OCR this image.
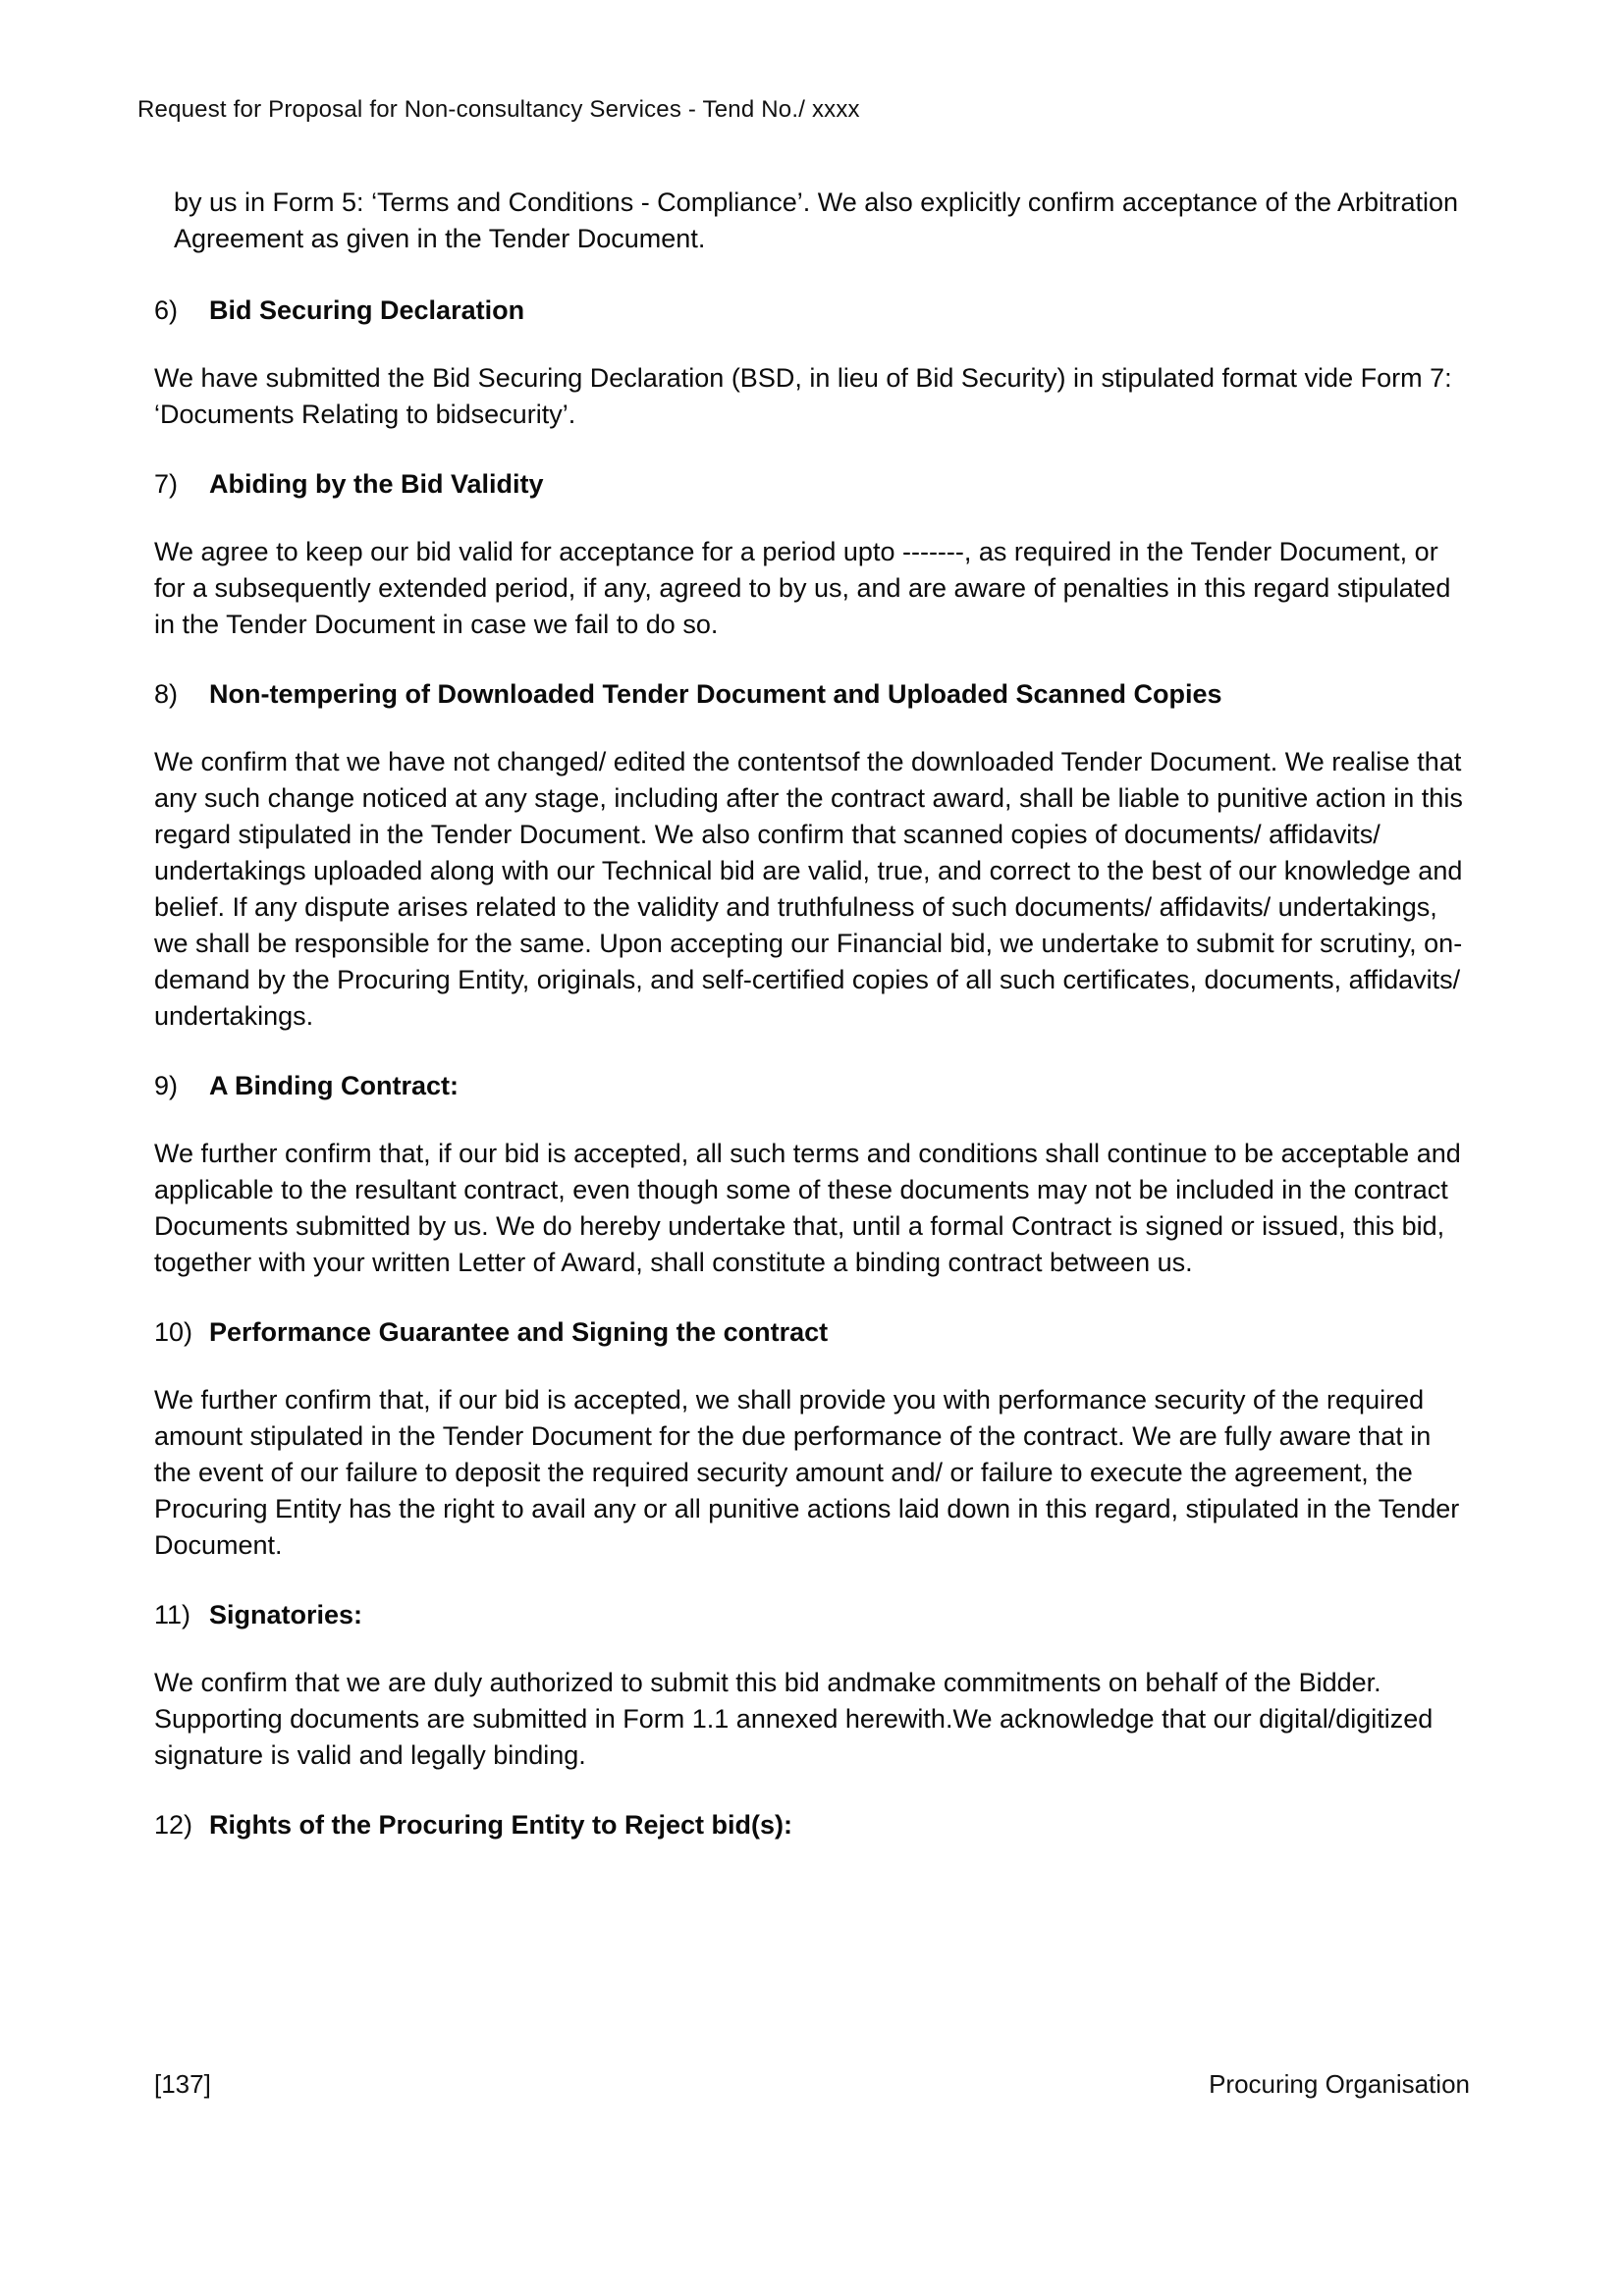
Request for Proposal for Non-consultancy Services - Tend No./ xxxx

by us in Form 5: ‘Terms and Conditions - Compliance’. We also explicitly confirm acceptance of the Arbitration Agreement as given in the Tender Document.

6)	Bid Securing Declaration

We have submitted the Bid Securing Declaration (BSD, in lieu of Bid Security) in stipulated format vide Form 7: ‘Documents Relating to bidsecurity’.

7)	Abiding by the Bid Validity

We agree to keep our bid valid for acceptance for a period upto -------, as required in the Tender Document, or for a subsequently extended period, if any, agreed to by us, and are aware of penalties in this regard stipulated in the Tender Document in case we fail to do so.

8)	Non-tempering of Downloaded Tender Document and Uploaded Scanned Copies

We confirm that we have not changed/ edited the contentsof the downloaded Tender Document. We realise that any such change noticed at any stage, including after the contract award, shall be liable to punitive action in this regard stipulated in the Tender Document. We also confirm that scanned copies of documents/ affidavits/ undertakings uploaded along with our Technical bid are valid, true, and correct to the best of our knowledge and belief. If any dispute arises related to the validity and truthfulness of such documents/ affidavits/ undertakings, we shall be responsible for the same. Upon accepting our Financial bid, we undertake to submit for scrutiny, on-demand by the Procuring Entity, originals, and self-certified copies of all such certificates, documents, affidavits/ undertakings.

9)	A Binding Contract:

We further confirm that, if our bid is accepted, all such terms and conditions shall continue to be acceptable and applicable to the resultant contract, even though some of these documents may not be included in the contract Documents submitted by us. We do hereby undertake that, until a formal Contract is signed or issued, this bid, together with your written Letter of Award, shall constitute a binding contract between us.

10) Performance Guarantee and Signing the contract

We further confirm that, if our bid is accepted, we shall provide you with performance security of the required amount stipulated in the Tender Document for the due performance of the contract. We are fully aware that in the event of our failure to deposit the required security amount and/ or failure to execute the agreement, the Procuring Entity has the right to avail any or all punitive actions laid down in this regard, stipulated in the Tender Document.

11) Signatories:

We confirm that we are duly authorized to submit this bid andmake commitments on behalf of the Bidder. Supporting documents are submitted in Form 1.1 annexed herewith.We acknowledge that our digital/digitized signature is valid and legally binding.

12) Rights of the Procuring Entity to Reject bid(s):
[137]	Procuring Organisation
